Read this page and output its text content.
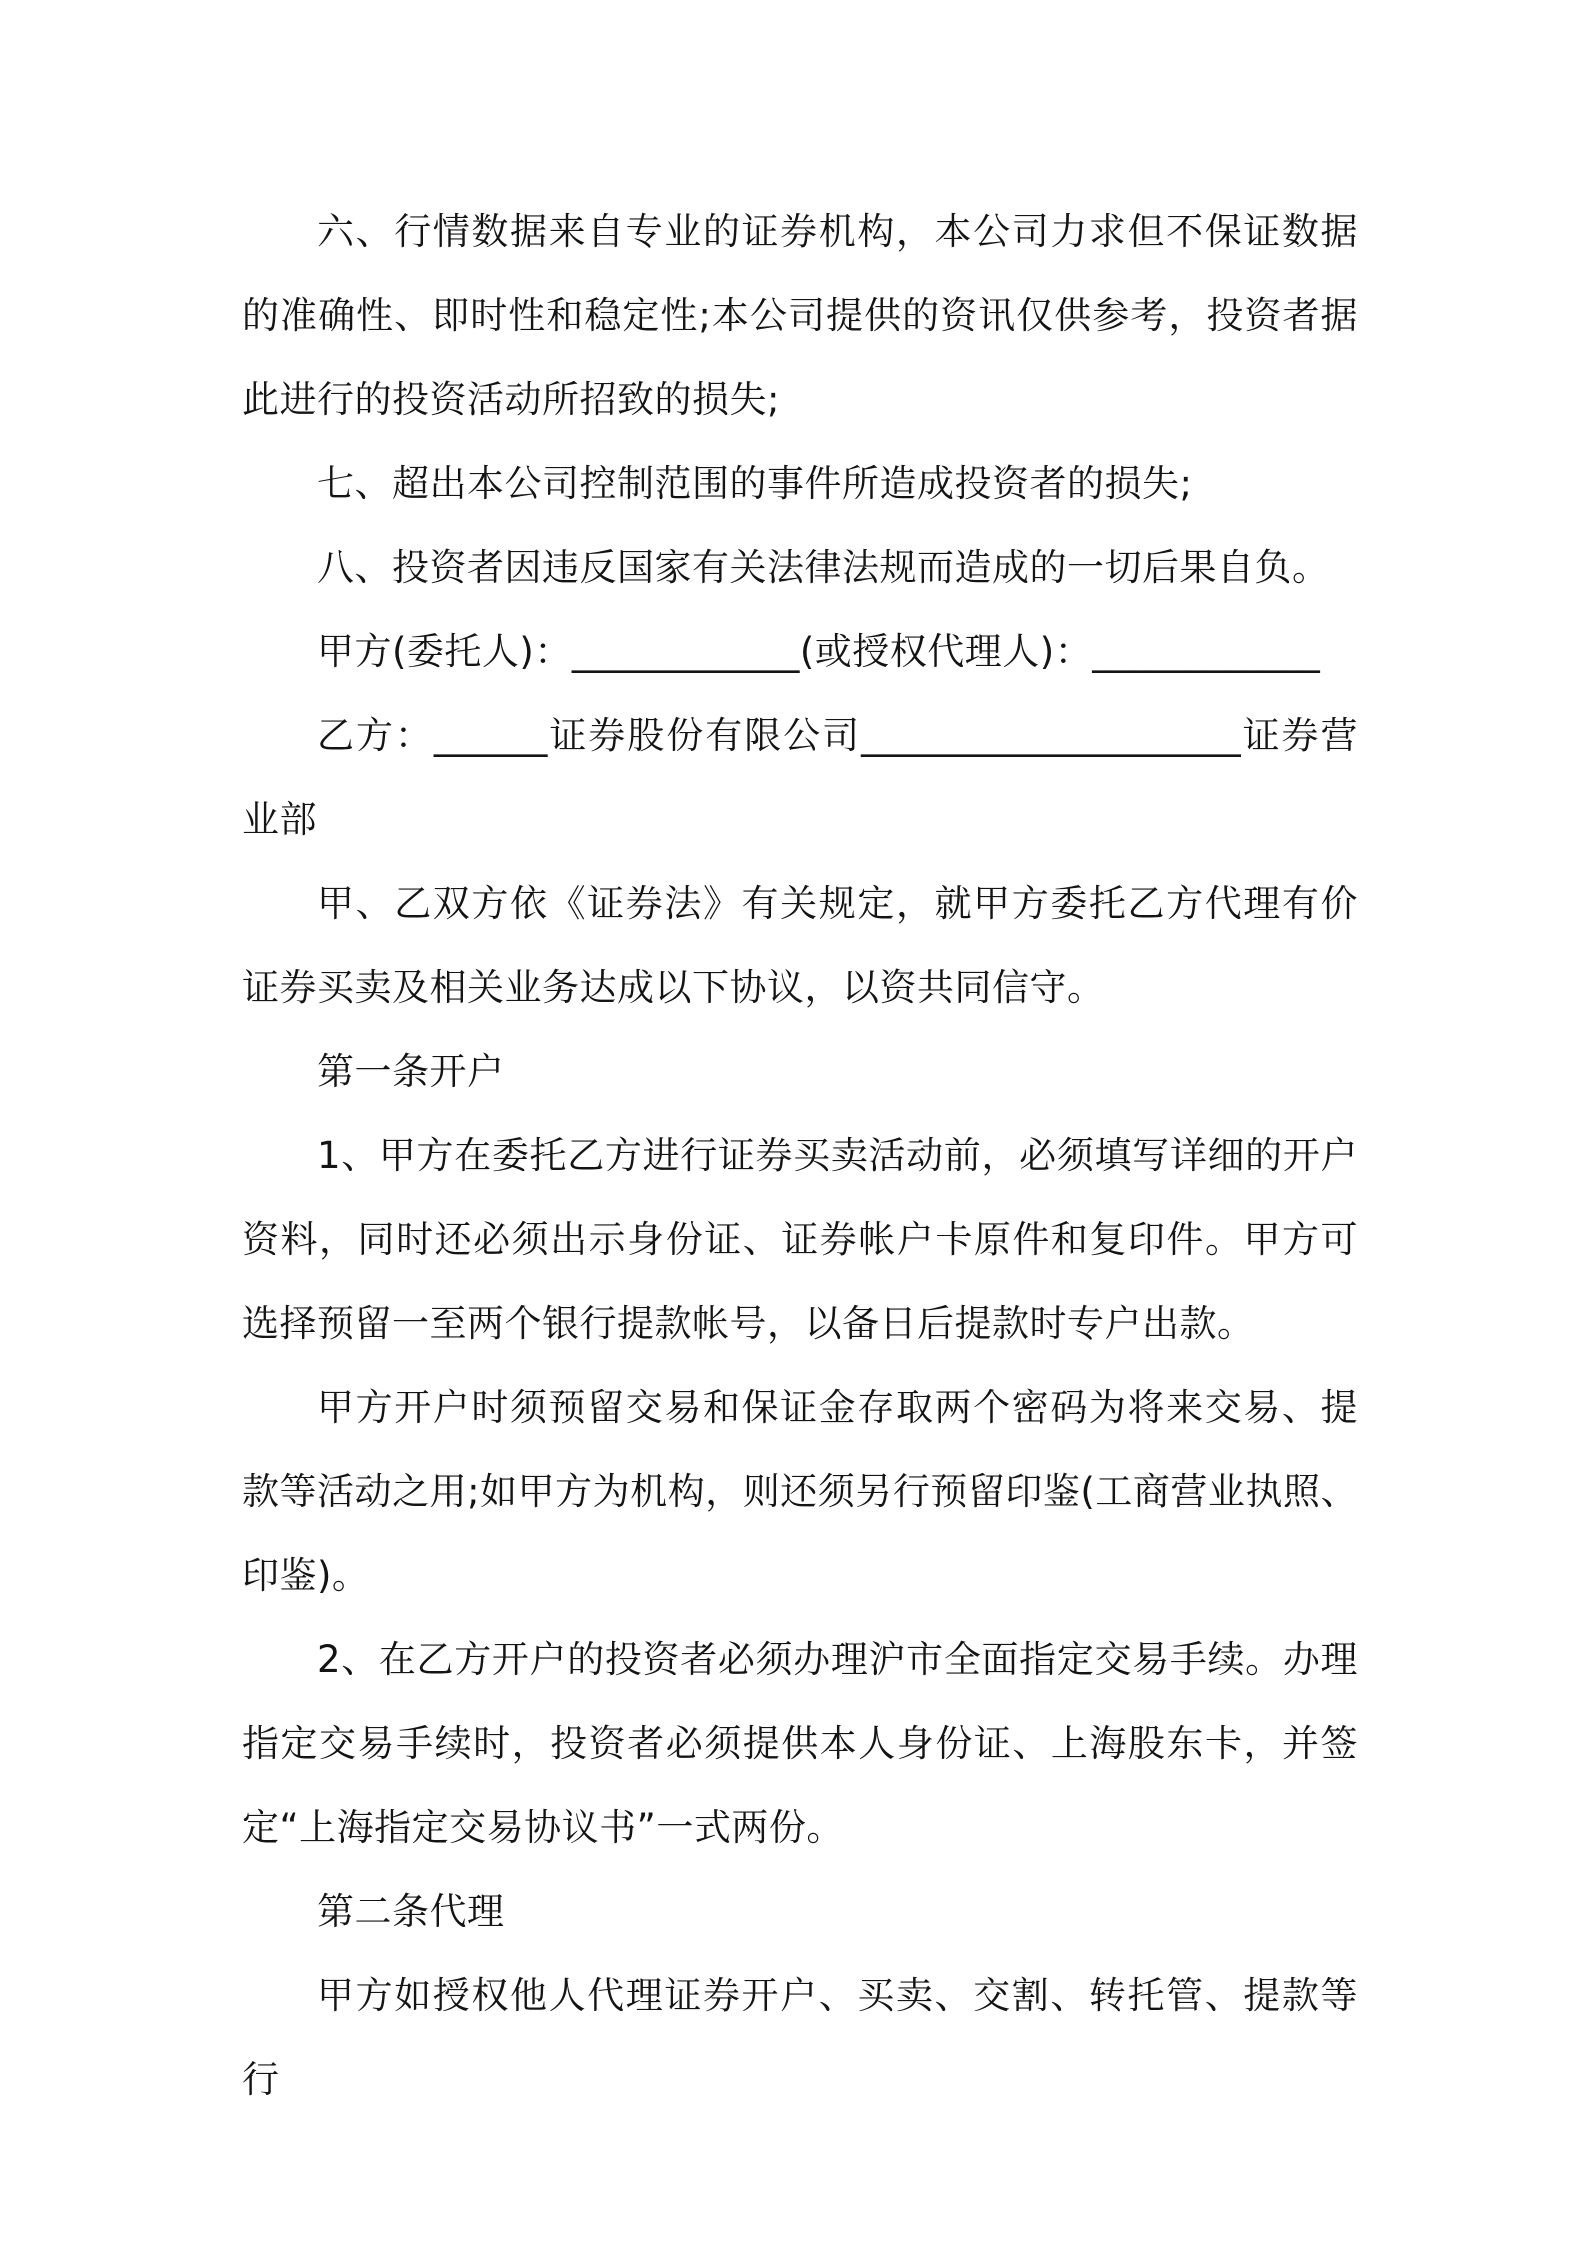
六、行情数据来自专业的证券机构，本公司力求但不保证数据的准确性、即时性和稳定性;本公司提供的资讯仅供参考，投资者据此进行的投资活动所招致的损失;

七、超出本公司控制范围的事件所造成投资者的损失;

八、投资者因违反国家有关法律法规而造成的一切后果自负。

甲方(委托人)：____________(或授权代理人)：____________

乙方：______证券股份有限公司____________________证券营业部

甲、乙双方依《证券法》有关规定，就甲方委托乙方代理有价证券买卖及相关业务达成以下协议，以资共同信守。

第一条开户

1、甲方在委托乙方进行证券买卖活动前，必须填写详细的开户资料，同时还必须出示身份证、证券帐户卡原件和复印件。甲方可选择预留一至两个银行提款帐号，以备日后提款时专户出款。

甲方开户时须预留交易和保证金存取两个密码为将来交易、提款等活动之用;如甲方为机构，则还须另行预留印鉴(工商营业执照、印鉴)。

2、在乙方开户的投资者必须办理沪市全面指定交易手续。办理指定交易手续时，投资者必须提供本人身份证、上海股东卡，并签定“上海指定交易协议书”一式两份。

第二条代理

甲方如授权他人代理证券开户、买卖、交割、转托管、提款等行
